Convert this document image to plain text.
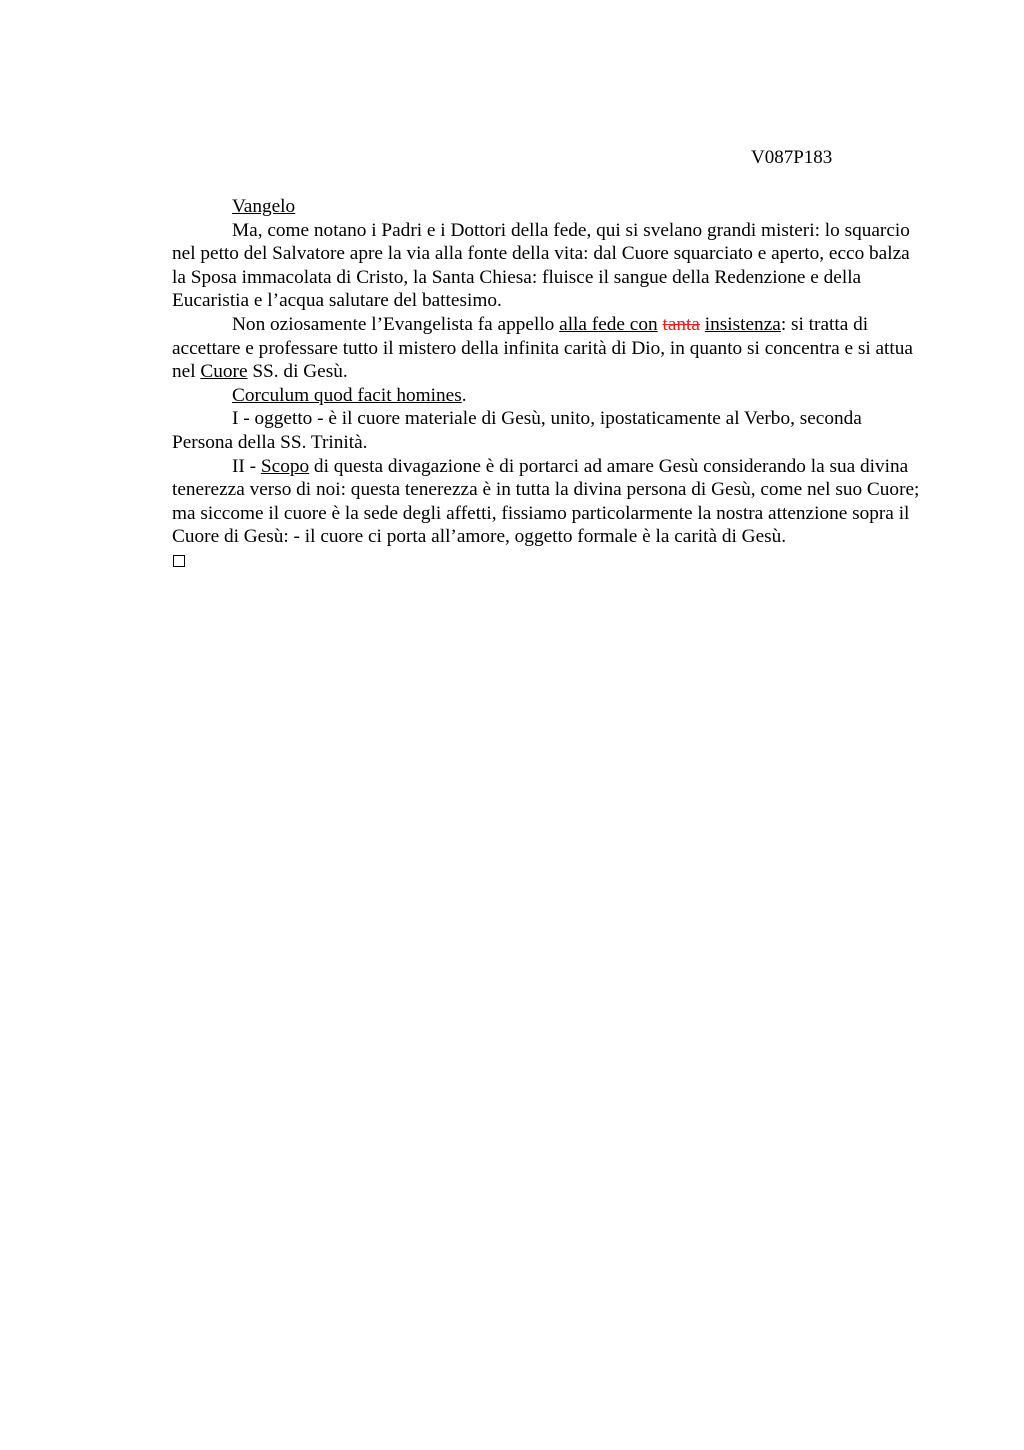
V087P183

Vangelo

Ma, come notano i Padri e i Dottori della fede, qui si svelano grandi misteri: lo squarcio nel petto del Salvatore apre la via alla fonte della vita: dal Cuore squarciato e aperto, ecco balza la Sposa immacolata di Cristo, la Santa Chiesa: fluisce il sangue della Redenzione e della Eucaristia e l’acqua salutare del battesimo.

Non oziosamente l’Evangelista fa appello alla fede con tanta insistenza: si tratta di accettare e professare tutto il mistero della infinita carità di Dio, in quanto si concentra e si attua nel Cuore SS. di Gesù.

Corculum quod facit homines.

I - oggetto - è il cuore materiale di Gesù, unito, ipostaticamente al Verbo, seconda Persona della SS. Trinità.

II - Scopo di questa divagazione è di portarci ad amare Gesù considerando la sua divina tenerezza verso di noi: questa tenerezza è in tutta la divina persona di Gesù, come nel suo Cuore; ma siccome il cuore è la sede degli affetti, fissiamo particolarmente la nostra attenzione sopra il Cuore di Gesù: - il cuore ci porta all’amore, oggetto formale è la carità di Gesù.
